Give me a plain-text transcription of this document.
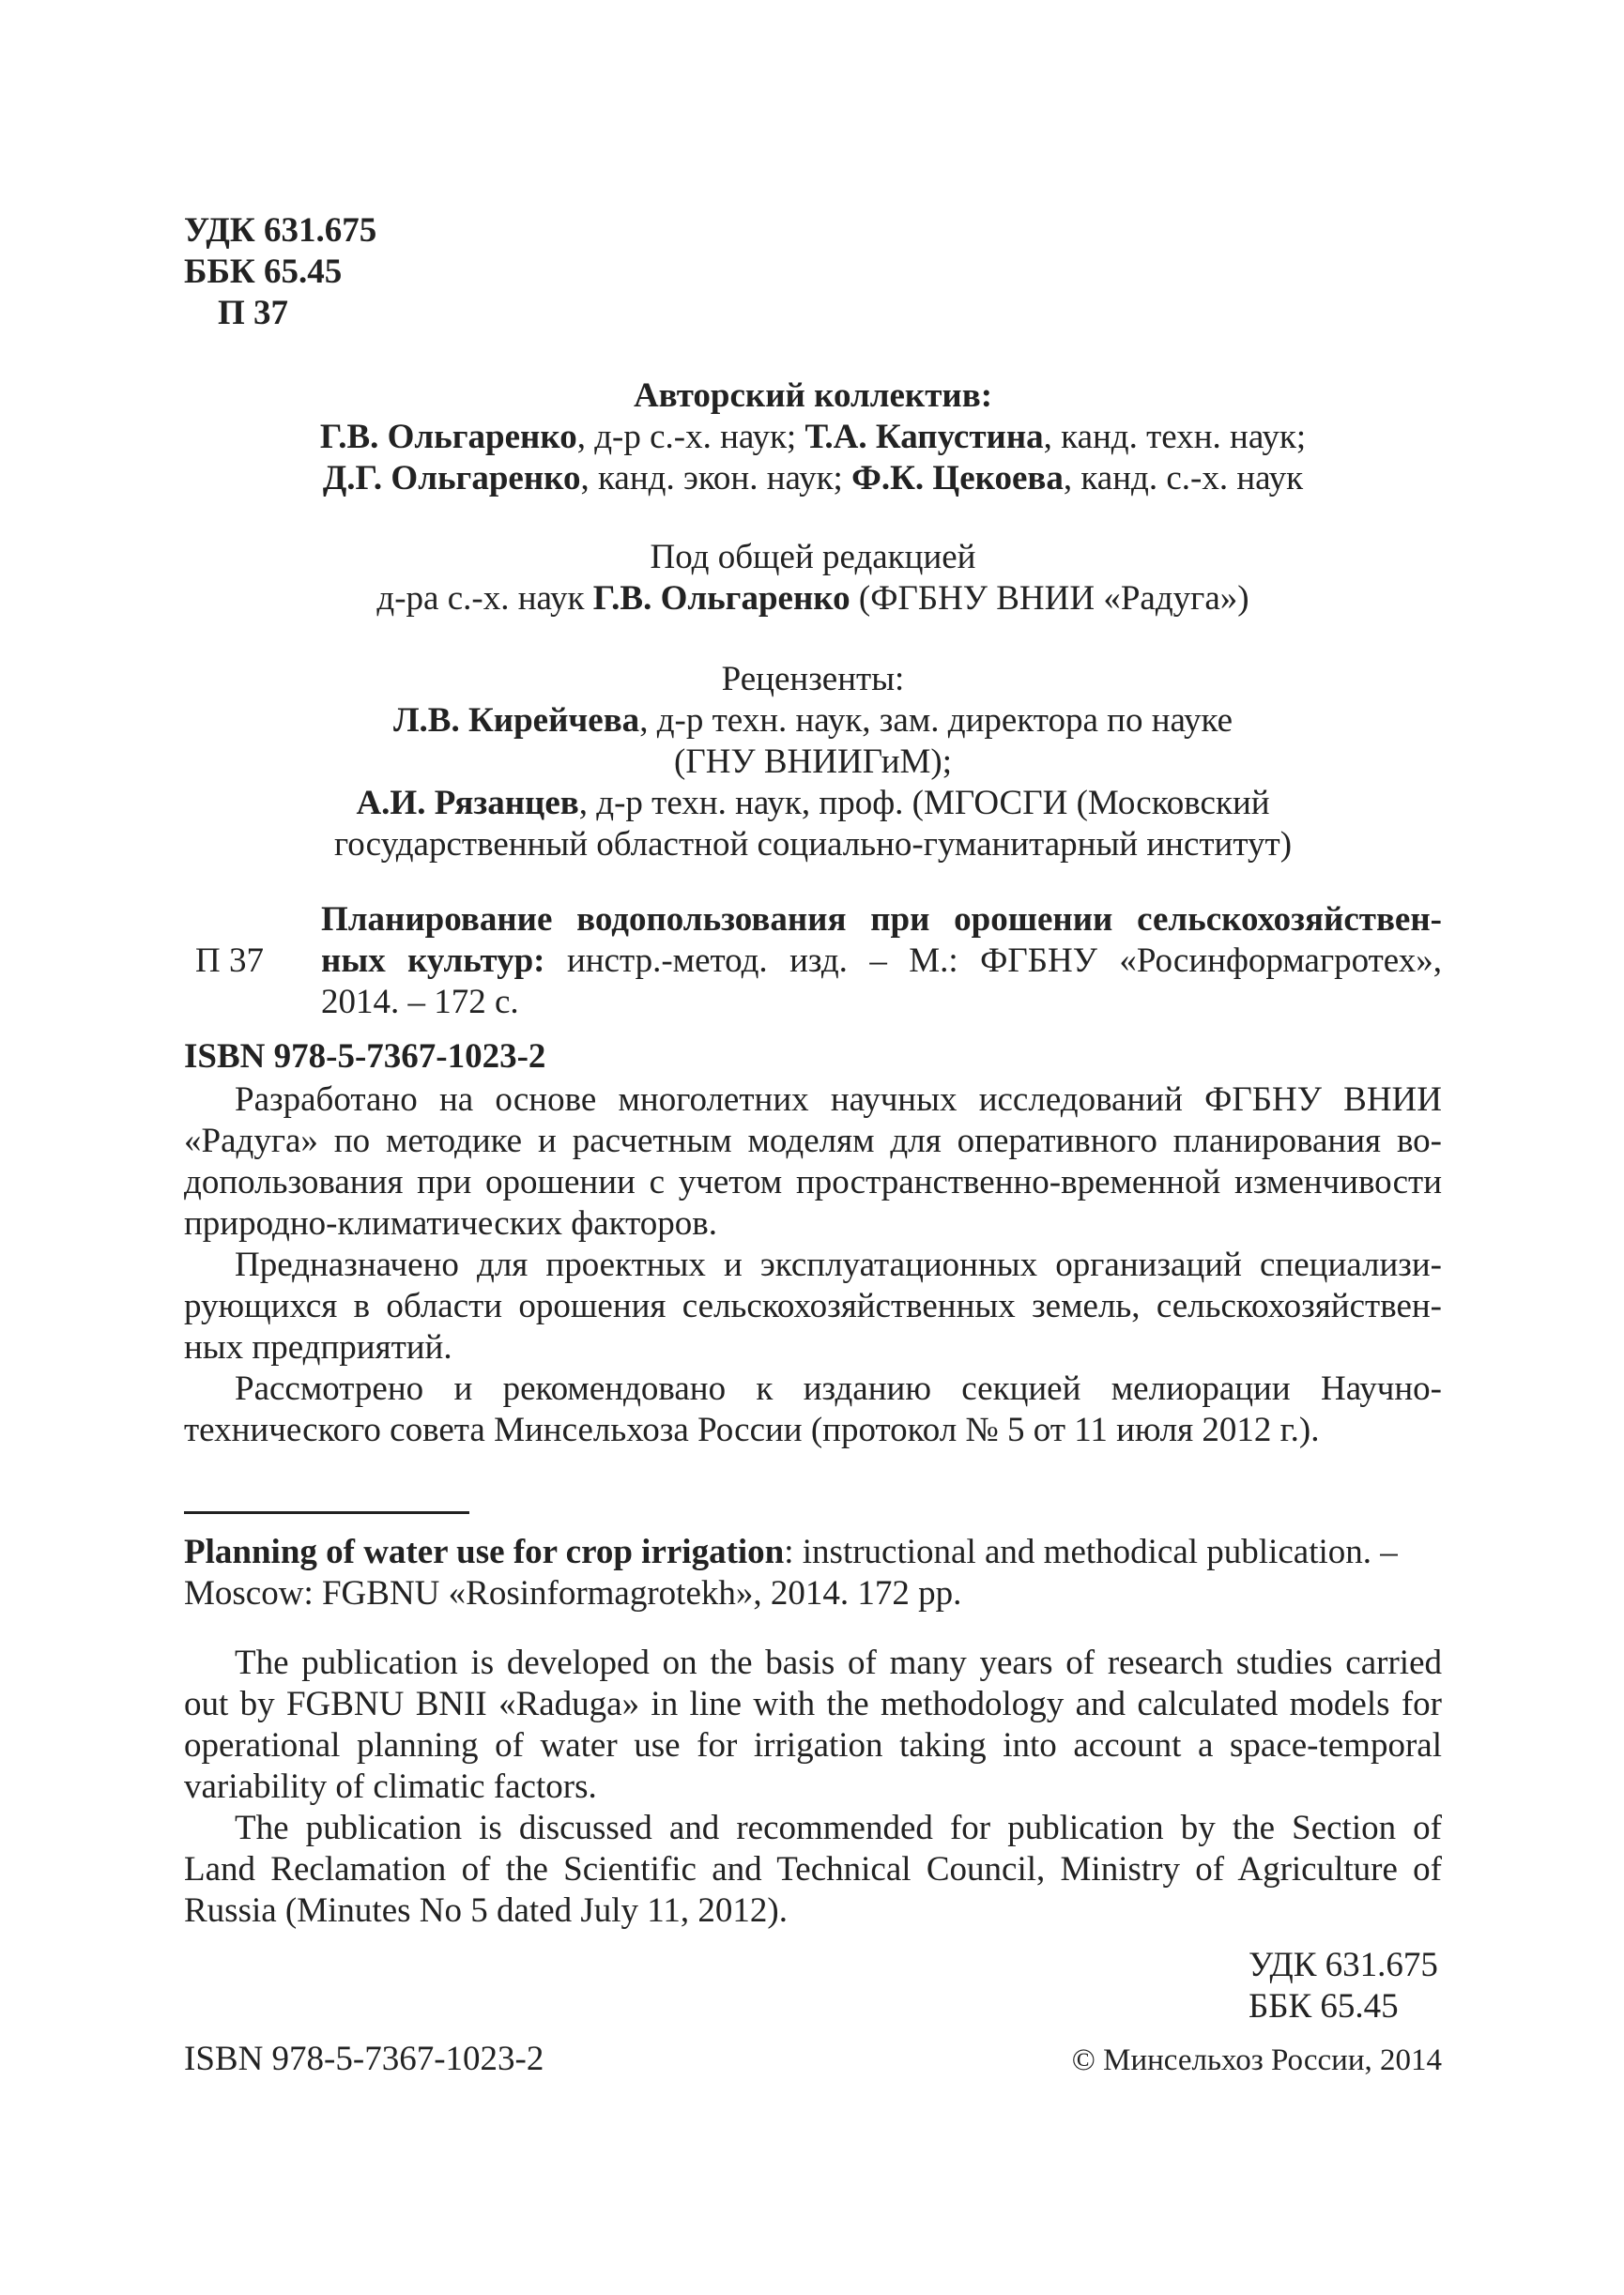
УДК 631.675
ББК 65.45
П 37
Авторский коллектив:
Г.В. Ольгаренко, д-р с.-х. наук; Т.А. Капустина, канд. техн. наук;
Д.Г. Ольгаренко, канд. экон. наук; Ф.К. Цекоева, канд. с.-х. наук
Под общей редакцией
д-ра с.-х. наук Г.В. Ольгаренко (ФГБНУ ВНИИ «Радуга»)
Рецензенты:
Л.В. Кирейчева, д-р техн. наук, зам. директора по науке
(ГНУ ВНИИГиМ);
А.И. Рязанцев, д-р техн. наук, проф. (МГОСГИ (Московский
государственный областной социально-гуманитарный институт)
П 37
Планирование водопользования при орошении сельскохозяйствен-
ных культур: инстр.-метод. изд. – М.: ФГБНУ «Росинформагротех»,
2014. – 172 с.
ISBN 978-5-7367-1023-2
Разработано на основе многолетних научных исследований ФГБНУ ВНИИ
«Радуга» по методике и расчетным моделям для оперативного планирования во-
допользования при орошении с учетом пространственно-временной изменчивости
природно-климатических факторов.
Предназначено для проектных и эксплуатационных организаций специализи-
рующихся в области орошения сельскохозяйственных земель, сельскохозяйствен-
ных предприятий.
Рассмотрено и рекомендовано к изданию секцией мелиорации Научно-
технического совета Минсельхоза России (протокол № 5 от 11 июля 2012 г.).
Planning of water use for crop irrigation: instructional and methodical publication. –
Moscow: FGBNU «Rosinformagrotekh», 2014. 172 pp.
The publication is developed on the basis of many years of research studies carried
out by FGBNU BNII «Raduga» in line with the methodology and calculated models for
operational planning of water use for irrigation taking into account a space-temporal
variability of climatic factors.
The publication is discussed and recommended for publication by the Section of
Land Reclamation of the Scientific and Technical Council, Ministry of Agriculture of
Russia (Minutes No 5 dated July 11, 2012).
УДК 631.675
ББК 65.45
ISBN 978-5-7367-1023-2	© Минсельхоз России, 2014
